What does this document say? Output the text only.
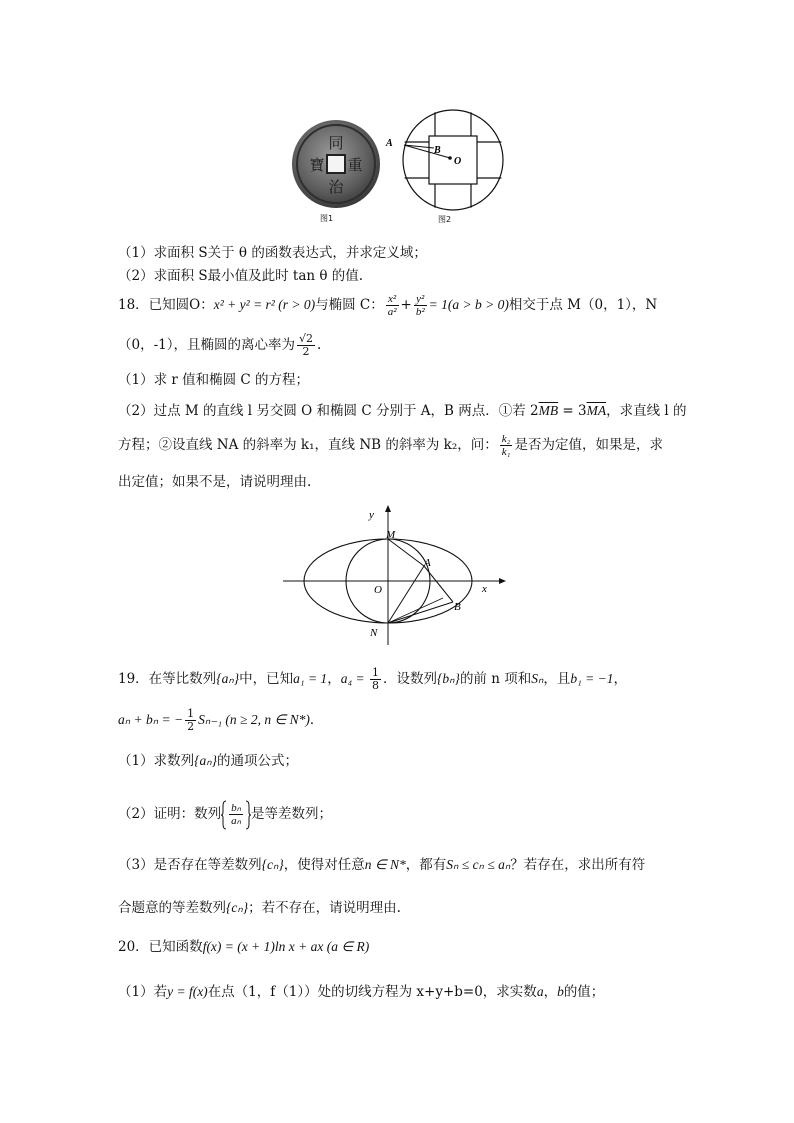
同
重
治
寶
图1
A
B
O
图2
（1）求面积 S关于 θ 的函数表达式，并求定义域；
（2）求面积 S最小值及此时 tan θ 的值.
18．已知圆O：x² + y² = r² (r > 0)与椭圆 C： $\frac{\text{x²}}{\text{a²}} + \frac{\text{y²}}{\text{b²}} = 1(a > b > 0)$相交于点 M（0，1），N
（0，-1），且椭圆的离心率为 $\frac{√2}{2}$ .
（1）求 r 值和椭圆 C 的方程；
（2）过点 M 的直线 l 另交圆 O 和椭圆 C 分别于 A，B 两点．①若 $2\overline{MB} = 3\overline{MA}$，求直线 l 的
方程；②设直线 NA 的斜率为 k₁，直线 NB 的斜率为 k₂，问： $\frac{\text{k₂}}{\text{k₁}}$ 是否为定值，如果是，求
出定值；如果不是，请说明理由.
y
x
M
A
O
B
N
19．在等比数列{aₙ}中，已知a₁ = 1，$a_4 = \frac{1}{8}$ ．设数列{bₙ}的前 n 项和Sₙ，且b₁ = −1，
aₙ + bₙ = − $\frac{1}{2} S_{n-1}$ (n ≥ 2, n ∈ N*)．
（1）求数列{aₙ}的通项公式；
（2）证明：数列 $\frac{\text{bₙ}}{\text{aₙ}}$ 是等差数列；
（3）是否存在等差数列{cₙ}，使得对任意n ∈ N*，都有Sₙ ≤ cₙ ≤ aₙ？若存在，求出所有符
合题意的等差数列{cₙ}；若不存在，请说明理由.
20．已知函数f(x) = (x + 1)ln x + ax (a ∈ R)
（1）若y = f(x)在点（1，f（1））处的切线方程为 x+y+b=0，求实数a，b的值；
